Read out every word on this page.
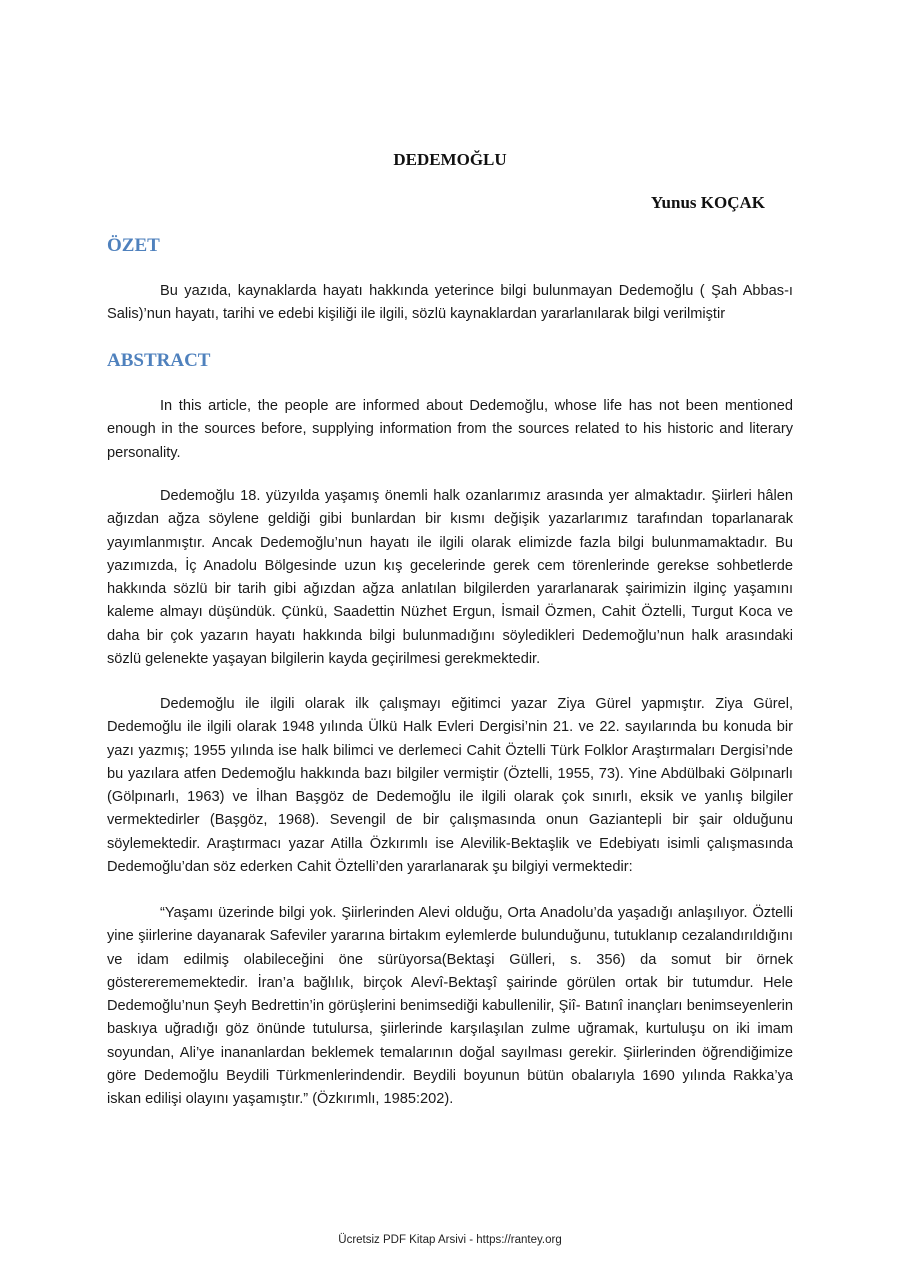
DEDEMOĞLU
Yunus KOÇAK
ÖZET

Bu yazıda, kaynaklarda hayatı hakkında yeterince bilgi bulunmayan Dedemoğlu ( Şah Abbas-ı Salis)’nun hayatı, tarihi ve edebi kişiliği ile ilgili, sözlü kaynaklardan yararlanılarak bilgi verilmiştir

ABSTRACT

In this article, the people are informed about Dedemoğlu, whose life has not been mentioned enough in the sources before, supplying information from the sources related to his historic and literary personality.

Dedemoğlu 18. yüzyılda yaşamış önemli halk ozanlarımız arasında yer almaktadır. Şiirleri hâlen ağızdan ağza söylene geldiği gibi bunlardan bir kısmı değişik yazarlarımız tarafından toparlanarak yayımlanmıştır. Ancak Dedemoğlu’nun hayatı ile ilgili olarak elimizde fazla bilgi bulunmamaktadır. Bu yazımızda, İç Anadolu Bölgesinde uzun kış gecelerinde gerek cem törenlerinde gerekse sohbetlerde hakkında sözlü bir tarih gibi ağızdan ağza anlatılan bilgilerden yararlanarak şairimizin ilginç yaşamını kaleme almayı düşündük. Çünkü, Saadettin Nüzhet Ergun, İsmail Özmen, Cahit Öztelli, Turgut Koca ve daha bir çok yazarın hayatı hakkında bilgi bulunmadığını söyledikleri Dedemoğlu’nun halk arasındaki sözlü gelenekte yaşayan bilgilerin kayda geçirilmesi gerekmektedir.

Dedemoğlu ile ilgili olarak ilk çalışmayı eğitimci yazar Ziya Gürel yapmıştır. Ziya Gürel, Dedemoğlu ile ilgili olarak 1948 yılında Ülkü Halk Evleri Dergisi’nin 21. ve 22. sayılarında bu konuda bir yazı yazmış; 1955 yılında ise halk bilimci ve derlemeci Cahit Öztelli Türk Folklor Araştırmaları Dergisi’nde bu yazılara atfen Dedemoğlu hakkında bazı bilgiler vermiştir (Öztelli, 1955, 73). Yine Abdülbaki Gölpınarlı (Gölpınarlı, 1963) ve İlhan Başgöz de Dedemoğlu ile ilgili olarak çok sınırlı, eksik ve yanlış bilgiler vermektedirler (Başgöz, 1968). Sevengil de bir çalışmasında onun Gaziantepli bir şair olduğunu söylemektedir. Araştırmacı yazar Atilla Özkırımlı ise Alevilik-Bektaşlik ve Edebiyatı isimli çalışmasında Dedemoğlu’dan söz ederken Cahit Öztelli’den yararlanarak şu bilgiyi vermektedir:

“Yaşamı üzerinde bilgi yok. Şiirlerinden Alevi olduğu, Orta Anadolu’da yaşadığı anlaşılıyor. Öztelli yine şiirlerine dayanarak Safeviler yararına birtakım eylemlerde bulunduğunu, tutuklanıp cezalandırıldığını ve idam edilmiş olabileceğini öne sürüyorsa(Bektaşi Gülleri, s. 356) da somut bir örnek göstererememektedir. İran’a bağlılık, birçok Alevî-Bektaşî şairinde görülen ortak bir tutumdur. Hele Dedemoğlu’nun Şeyh Bedrettin’in görüşlerini benimsediği kabullenilir, Şiî- Batınî inançları benimseyenlerin baskıya uğradığı göz önünde tutulursa, şiirlerinde karşılaşılan zulme uğramak, kurtuluşu on iki imam soyundan, Ali’ye inananlardan beklemek temalarının doğal sayılması gerekir. Şiirlerinden öğrendiğimize göre Dedemoğlu Beydili Türkmenlerindendir. Beydili boyunun bütün obalarıyla 1690 yılında Rakka’ya iskan edilişi olayını yaşamıştır.” (Özkırımlı, 1985:202).

Ücretsiz PDF Kitap Arsivi - https://rantey.org
